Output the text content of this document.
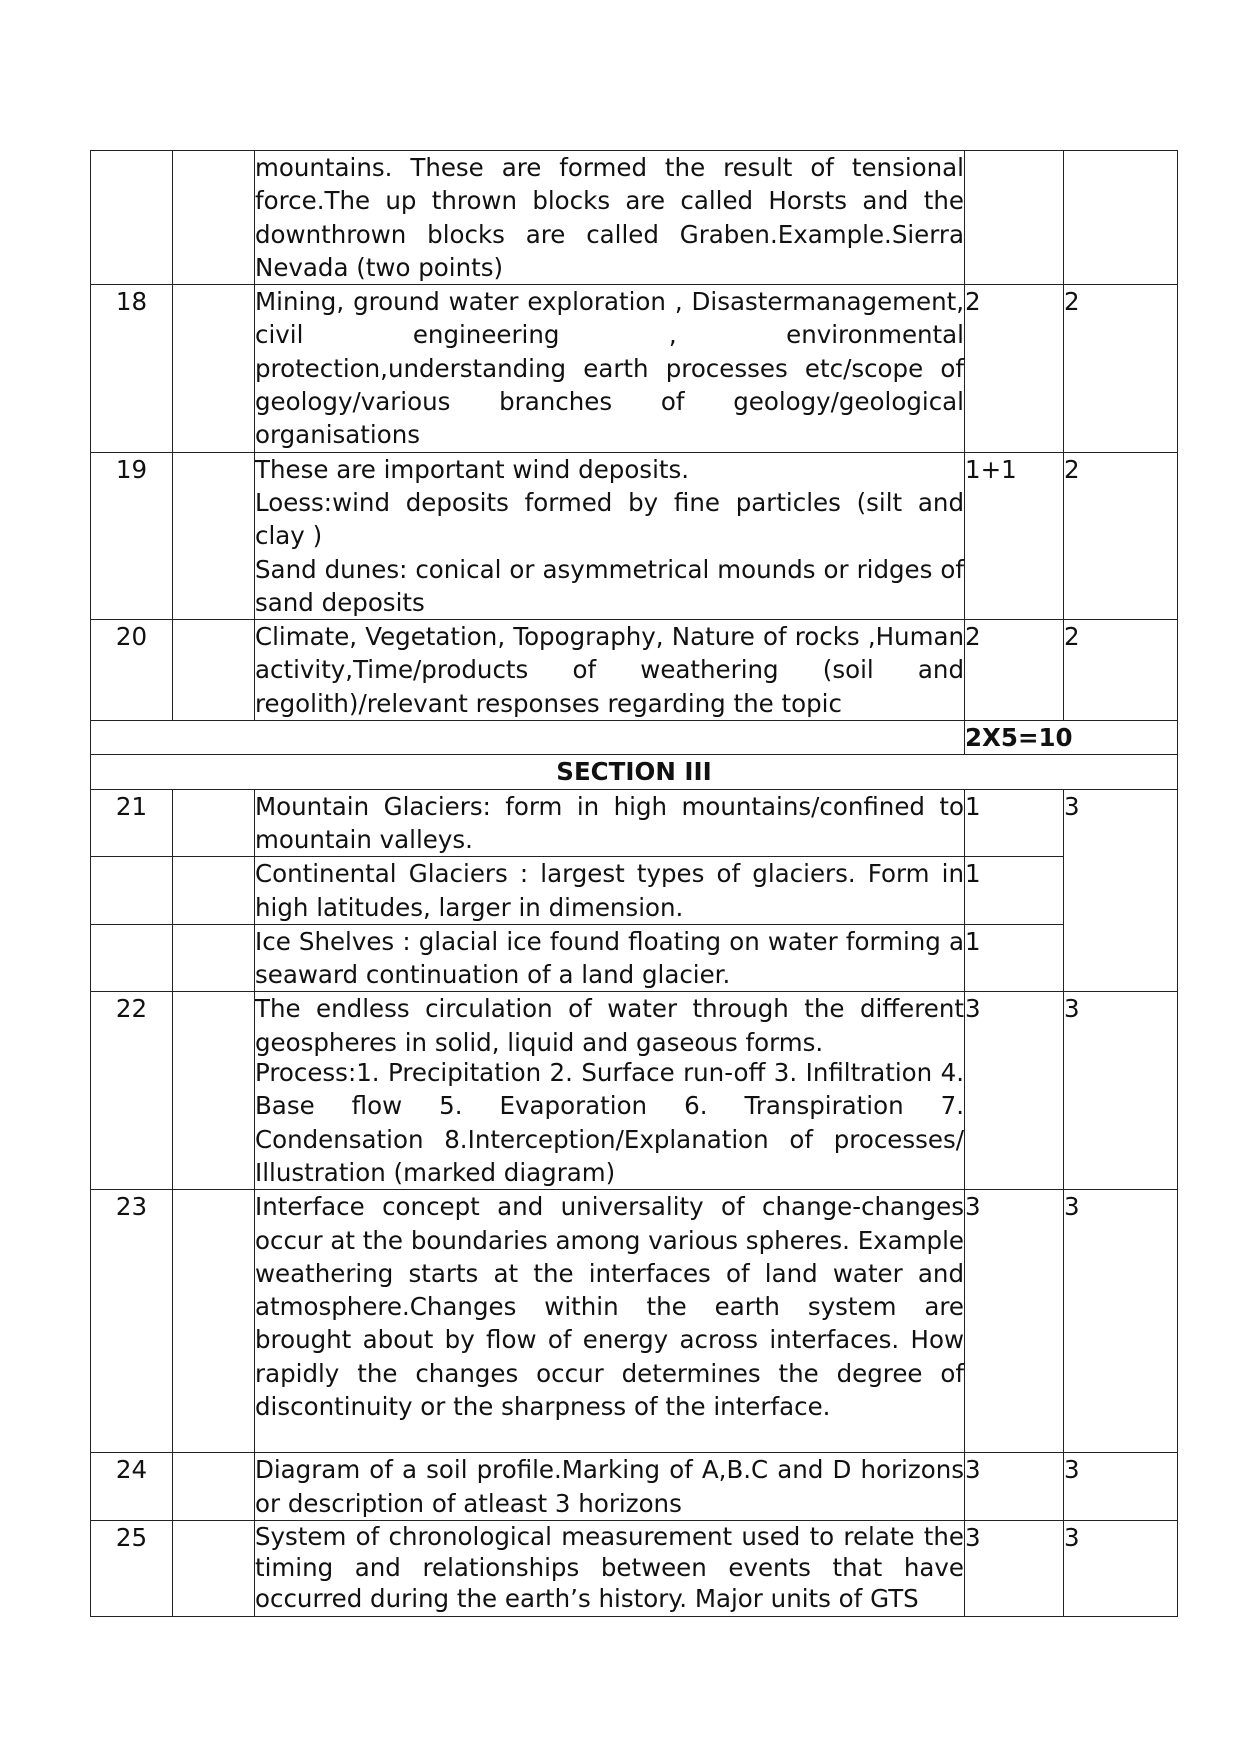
		mountains. These are formed the result of tensional force.The up thrown blocks are called Horsts and the downthrown blocks are called Graben.Example.Sierra Nevada (two points)		
18		Mining, ground water exploration , Disastermanagement, civil engineering , environmental protection,understanding earth processes etc/scope of geology/various branches of geology/geological organisations	2	2
19		These are important wind deposits.

Loess:wind deposits formed by fine particles (silt and clay )

Sand dunes: conical or asymmetrical mounds or ridges of sand deposits	1+1	2
20		Climate, Vegetation, Topography, Nature of rocks ,Human activity,Time/products of weathering (soil and regolith)/relevant responses regarding the topic	2	2
			2X5=10	
SECTION III				
21		Mountain Glaciers: form in high mountains/confined to mountain valleys.	1	3
		Continental Glaciers : largest types of glaciers. Form in high latitudes, larger in dimension.	1	
		Ice Shelves : glacial ice found floating on water forming a seaward continuation of a land glacier.	1	
22		The endless circulation of water through the different geospheres in solid, liquid and gaseous forms.

Process:1. Precipitation 2. Surface run-off 3. Infiltration 4. Base flow 5. Evaporation 6. Transpiration 7. Condensation 8.Interception/Explanation of processes/ Illustration (marked diagram)	3	3
23		Interface concept and universality of change-changes occur at the boundaries among various spheres. Example weathering starts at the interfaces of land water and atmosphere.Changes within the earth system are brought about by flow of energy across interfaces. How rapidly the changes occur determines the degree of discontinuity or the sharpness of the interface.	3	3
24		Diagram of a soil profile.Marking of A,B.C and D horizons or description of atleast 3 horizons	3	3
25		System of chronological measurement used to relate the timing and relationships between events that have occurred during the earth’s history. Major units of GTS	3	3
